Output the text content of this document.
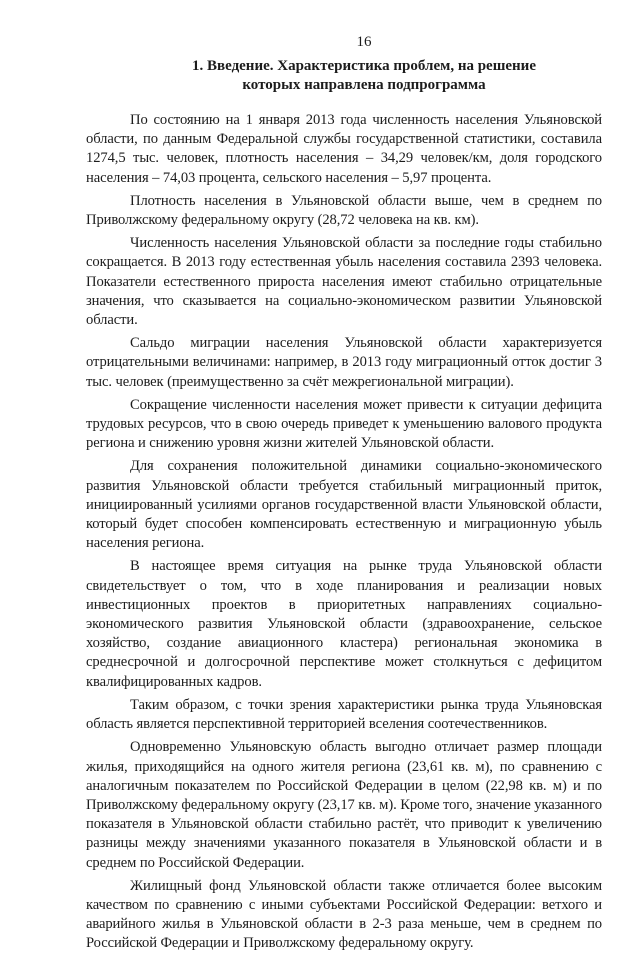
16
1. Введение. Характеристика проблем, на решение
которых направлена подпрограмма

По состоянию на 1 января 2013 года численность населения Ульяновской области, по данным Федеральной службы государственной статистики, составила 1274,5 тыс. человек, плотность населения – 34,29 человек/км, доля городского населения – 74,03 процента, сельского населения – 5,97 процента.

Плотность населения в Ульяновской области выше, чем в среднем по Приволжскому федеральному округу (28,72 человека на кв. км).

Численность населения Ульяновской области за последние годы стабильно сокращается. В 2013 году естественная убыль населения составила 2393 человека. Показатели естественного прироста населения имеют стабильно отрицательные значения, что сказывается на социально-экономическом развитии Ульяновской области.

Сальдо миграции населения Ульяновской области характеризуется отрицательными величинами: например, в 2013 году миграционный отток достиг 3 тыс. человек (преимущественно за счёт межрегиональной миграции).

Сокращение численности населения может привести к ситуации дефицита трудовых ресурсов, что в свою очередь приведет к уменьшению валового продукта региона и снижению уровня жизни жителей Ульяновской области.

Для сохранения положительной динамики социально-экономического развития Ульяновской области требуется стабильный миграционный приток, инициированный усилиями органов государственной власти Ульяновской области, который будет способен компенсировать естественную и миграционную убыль населения региона.

В настоящее время ситуация на рынке труда Ульяновской области свидетельствует о том, что в ходе планирования и реализации новых инвестиционных проектов в приоритетных направлениях социально-экономического развития Ульяновской области (здравоохранение, сельское хозяйство, создание авиационного кластера) региональная экономика в среднесрочной и долгосрочной перспективе может столкнуться с дефицитом квалифицированных кадров.

Таким образом, с точки зрения характеристики рынка труда Ульяновская область является перспективной территорией вселения соотечественников.

Одновременно Ульяновскую область выгодно отличает размер площади жилья, приходящийся на одного жителя региона (23,61 кв. м), по сравнению с аналогичным показателем по Российской Федерации в целом (22,98 кв. м) и по Приволжскому федеральному округу (23,17 кв. м). Кроме того, значение указанного показателя в Ульяновской области стабильно растёт, что приводит к увеличению разницы между значениями указанного показателя в Ульяновской области и в среднем по Российской Федерации.

Жилищный фонд Ульяновской области также отличается более высоким качеством по сравнению с иными субъектами Российской Федерации: ветхого и аварийного жилья в Ульяновской области в 2-3 раза меньше, чем в среднем по Российской Федерации и Приволжскому федеральному округу.
